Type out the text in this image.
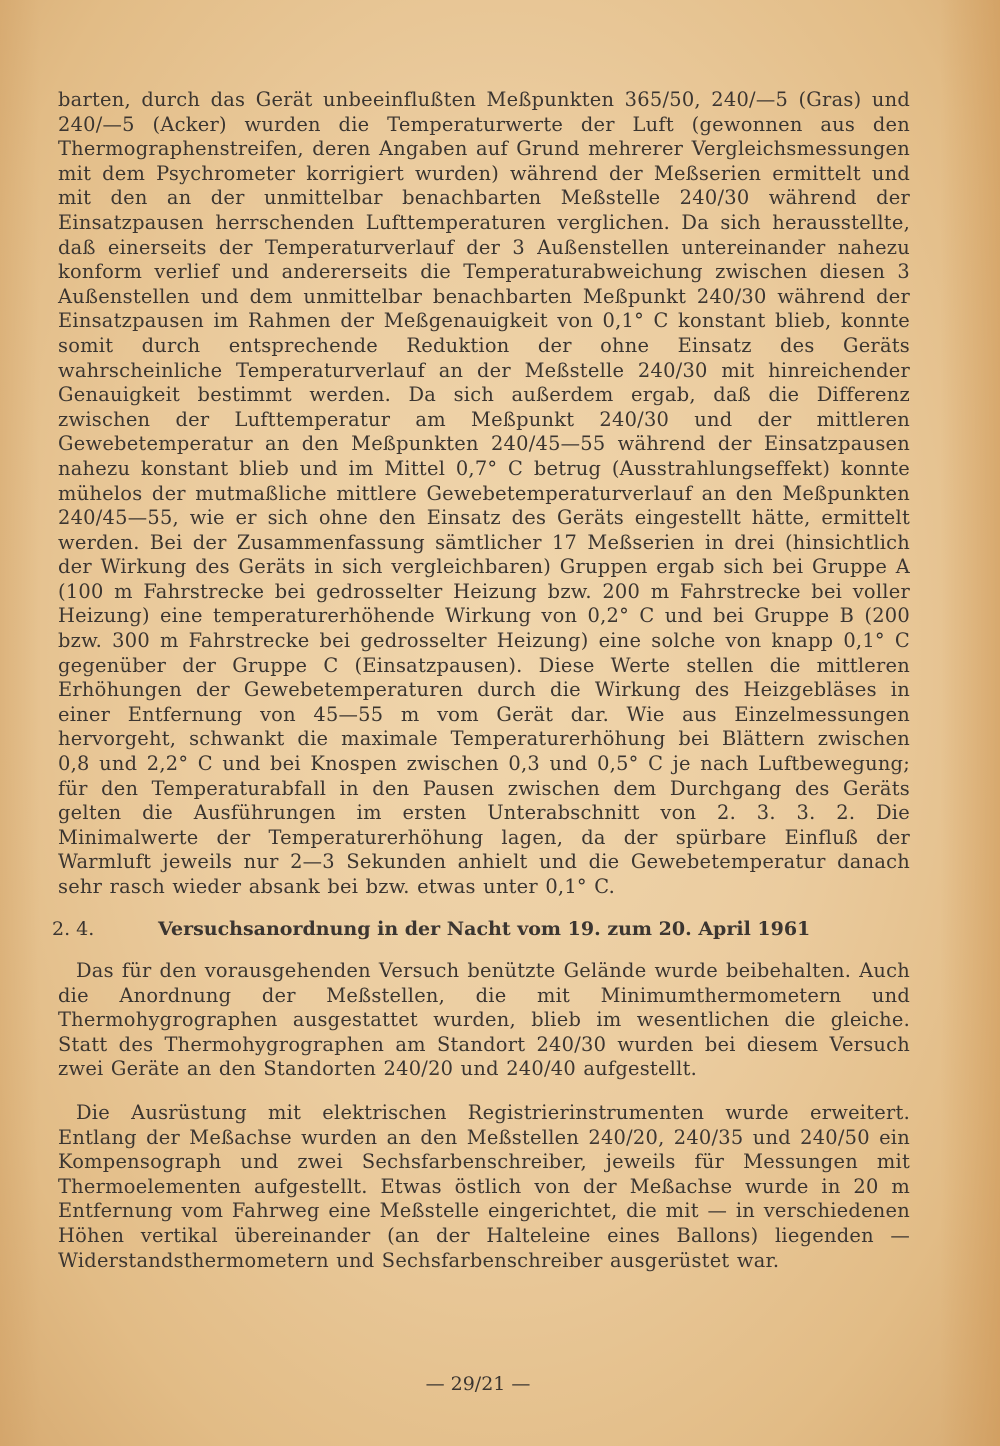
barten, durch das Gerät unbeeinflußten Meßpunkten 365/50, 240/—5 (Gras) und 240/—5 (Acker) wurden die Temperaturwerte der Luft (gewonnen aus den Thermographenstreifen, deren Angaben auf Grund mehrerer Vergleichsmessungen mit dem Psychrometer korrigiert wurden) während der Meßserien ermittelt und mit den an der unmittelbar benachbarten Meßstelle 240/30 während der Einsatzpausen herrschenden Lufttemperaturen verglichen. Da sich herausstellte, daß einerseits der Temperaturverlauf der 3 Außenstellen untereinander nahezu konform verlief und andererseits die Temperaturabweichung zwischen diesen 3 Außenstellen und dem unmittelbar benachbarten Meßpunkt 240/30 während der Einsatzpausen im Rahmen der Meßgenauigkeit von 0,1° C konstant blieb, konnte somit durch entsprechende Reduktion der ohne Einsatz des Geräts wahrscheinliche Temperaturverlauf an der Meßstelle 240/30 mit hinreichender Genauigkeit bestimmt werden. Da sich außerdem ergab, daß die Differenz zwischen der Lufttemperatur am Meßpunkt 240/30 und der mittleren Gewebetemperatur an den Meßpunkten 240/45—55 während der Einsatzpausen nahezu konstant blieb und im Mittel 0,7° C betrug (Ausstrahlungseffekt) konnte mühelos der mutmaßliche mittlere Gewebetemperaturverlauf an den Meßpunkten 240/45—55, wie er sich ohne den Einsatz des Geräts eingestellt hätte, ermittelt werden. Bei der Zusammenfassung sämtlicher 17 Meßserien in drei (hinsichtlich der Wirkung des Geräts in sich vergleichbaren) Gruppen ergab sich bei Gruppe A (100 m Fahrstrecke bei gedrosselter Heizung bzw. 200 m Fahrstrecke bei voller Heizung) eine temperaturerhöhende Wirkung von 0,2° C und bei Gruppe B (200 bzw. 300 m Fahrstrecke bei gedrosselter Heizung) eine solche von knapp 0,1° C gegenüber der Gruppe C (Einsatzpausen). Diese Werte stellen die mittleren Erhöhungen der Gewebetemperaturen durch die Wirkung des Heizgebläses in einer Entfernung von 45—55 m vom Gerät dar. Wie aus Einzelmessungen hervorgeht, schwankt die maximale Temperaturerhöhung bei Blättern zwischen 0,8 und 2,2° C und bei Knospen zwischen 0,3 und 0,5° C je nach Luftbewegung; für den Temperaturabfall in den Pausen zwischen dem Durchgang des Geräts gelten die Ausführungen im ersten Unterabschnitt von 2. 3. 3. 2. Die Minimalwerte der Temperaturerhöhung lagen, da der spürbare Einfluß der Warmluft jeweils nur 2—3 Sekunden anhielt und die Gewebetemperatur danach sehr rasch wieder absank bei bzw. etwas unter 0,1° C.
2. 4.	Versuchsanordnung in der Nacht vom 19. zum 20. April 1961
Das für den vorausgehenden Versuch benützte Gelände wurde beibehalten. Auch die Anordnung der Meßstellen, die mit Minimumthermometern und Thermohygrographen ausgestattet wurden, blieb im wesentlichen die gleiche. Statt des Thermohygrographen am Standort 240/30 wurden bei diesem Versuch zwei Geräte an den Standorten 240/20 und 240/40 aufgestellt.
Die Ausrüstung mit elektrischen Registrierinstrumenten wurde erweitert. Entlang der Meßachse wurden an den Meßstellen 240/20, 240/35 und 240/50 ein Kompensograph und zwei Sechsfarbenschreiber, jeweils für Messungen mit Thermoelementen aufgestellt. Etwas östlich von der Meßachse wurde in 20 m Entfernung vom Fahrweg eine Meßstelle eingerichtet, die mit — in verschiedenen Höhen vertikal übereinander (an der Halteleine eines Ballons) liegenden — Widerstandsthermometern und Sechsfarbenschreiber ausgerüstet war.
— 29/21 —
